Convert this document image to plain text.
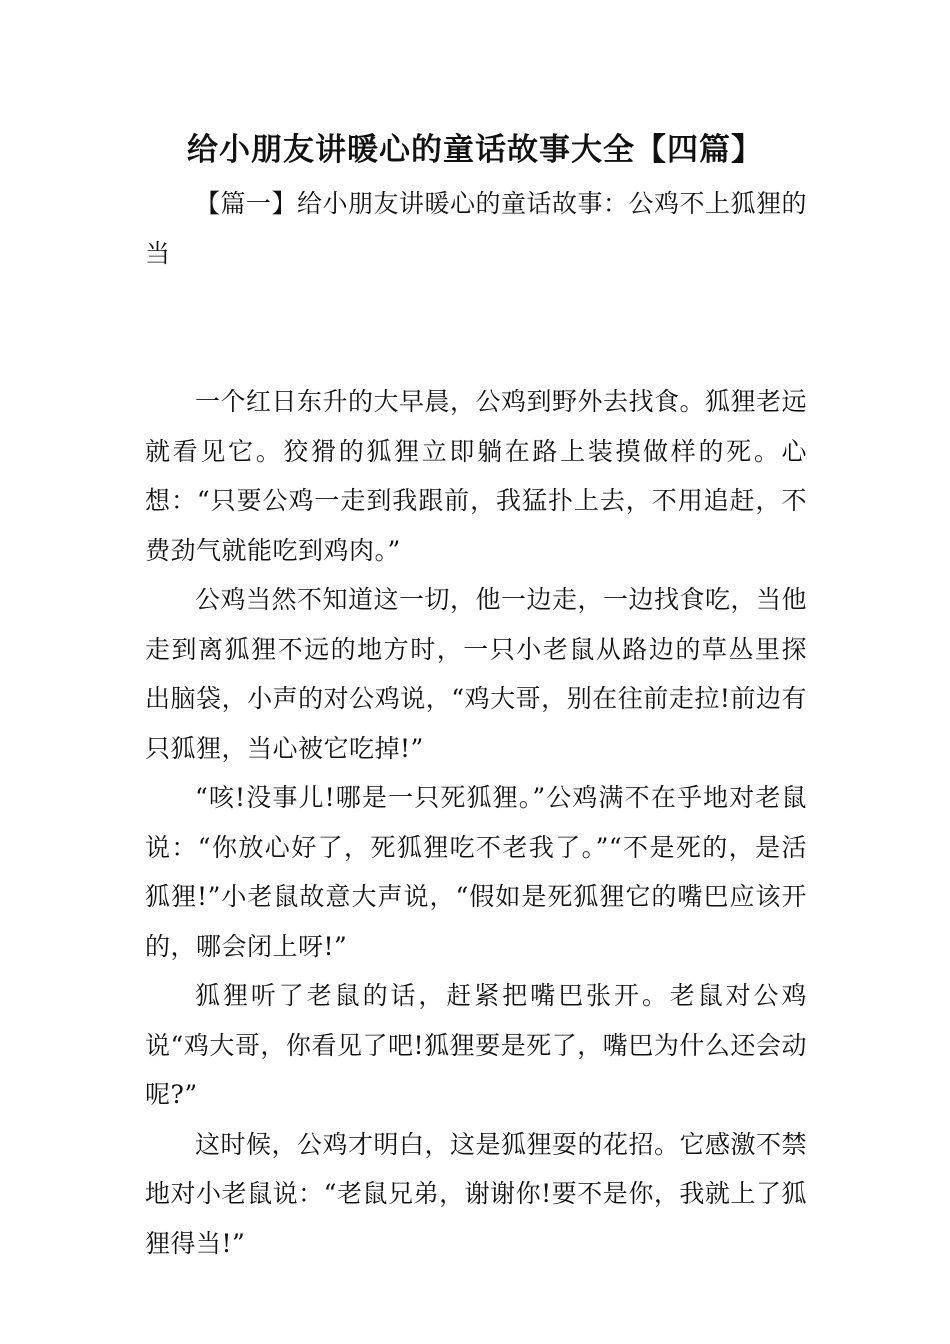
给小朋友讲暖心的童话故事大全【四篇】

【篇一】给小朋友讲暖心的童话故事：公鸡不上狐狸的当

一个红日东升的大早晨，公鸡到野外去找食。狐狸老远就看见它。狡猾的狐狸立即躺在路上装摸做样的死。心想：“只要公鸡一走到我跟前，我猛扑上去，不用追赶，不费劲气就能吃到鸡肉。”

公鸡当然不知道这一切，他一边走，一边找食吃，当他走到离狐狸不远的地方时，一只小老鼠从路边的草丛里探出脑袋，小声的对公鸡说，“鸡大哥，别在往前走拉!前边有只狐狸，当心被它吃掉!”

“咳!没事儿!哪是一只死狐狸。”公鸡满不在乎地对老鼠说：“你放心好了，死狐狸吃不老我了。”“不是死的，是活狐狸!”小老鼠故意大声说，“假如是死狐狸它的嘴巴应该开的，哪会闭上呀!”

狐狸听了老鼠的话，赶紧把嘴巴张开。老鼠对公鸡说“鸡大哥，你看见了吧!狐狸要是死了，嘴巴为什么还会动呢?”

这时候，公鸡才明白，这是狐狸耍的花招。它感激不禁地对小老鼠说：“老鼠兄弟，谢谢你!要不是你，我就上了狐狸得当!”
